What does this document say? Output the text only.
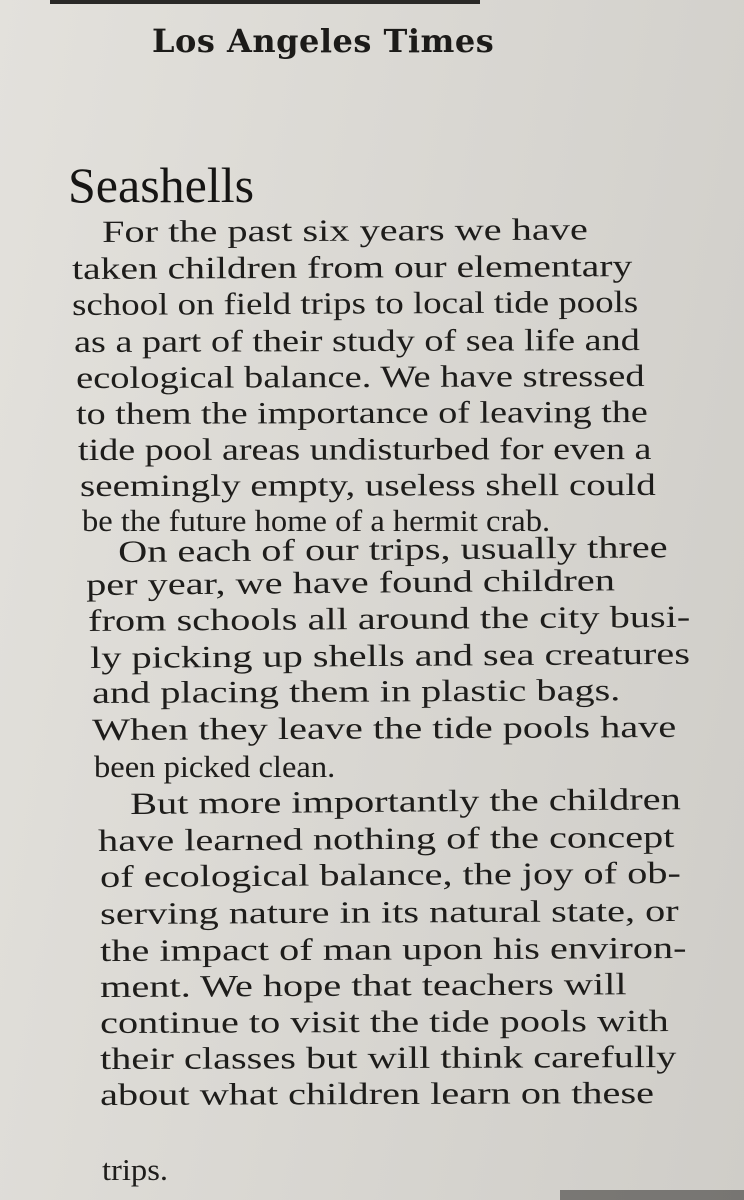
Los Angeles Times
Seashells
For the past six years we have
taken children from our elementary
school on field trips to local tide pools
as a part of their study of sea life and
ecological balance. We have stressed
to them the importance of leaving the
tide pool areas undisturbed for even a
seemingly empty, useless shell could
be the future home of a hermit crab.
On each of our trips, usually three
per year, we have found children
from schools all around the city busi-
ly picking up shells and sea creatures
and placing them in plastic bags.
When they leave the tide pools have
been picked clean.
But more importantly the children
have learned nothing of the concept
of ecological balance, the joy of ob-
serving nature in its natural state, or
the impact of man upon his environ-
ment. We hope that teachers will
continue to visit the tide pools with
their classes but will think carefully
about what children learn on these
trips.
